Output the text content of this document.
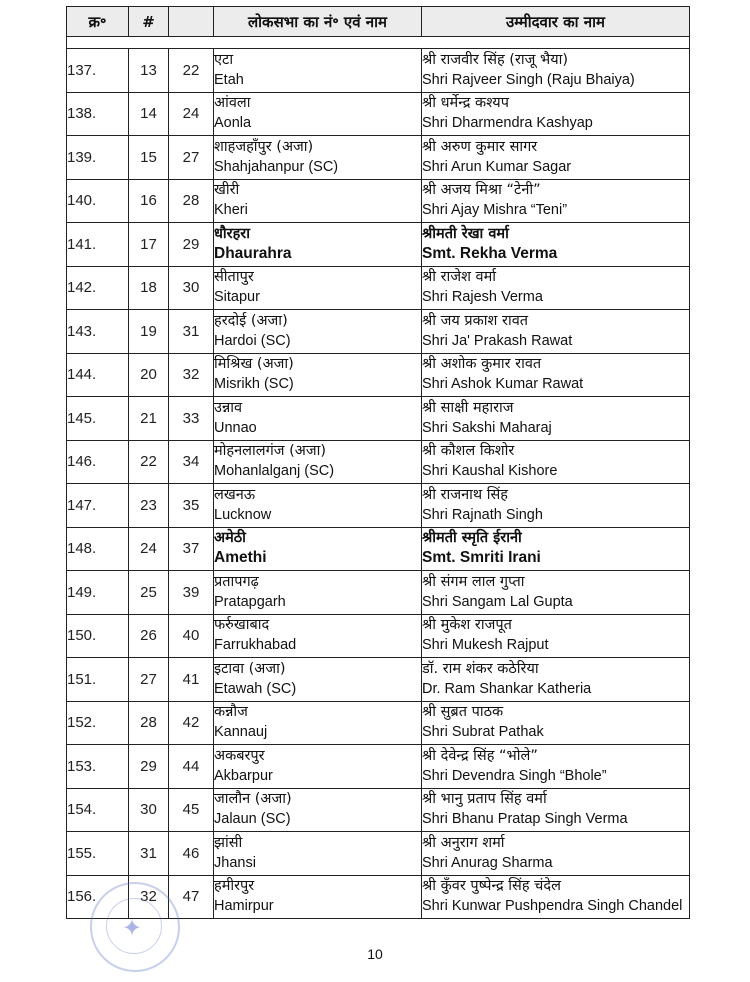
क्र॰	#		लोकसभा का नं॰ एवं नाम	उम्मीदवार का नाम

137.	13	22	एटा
Etah	श्री राजवीर सिंह (राजू भैया)
Shri Rajveer Singh (Raju Bhaiya)

138.	14	24	आंवला
Aonla	श्री धर्मेन्द्र कश्यप
Shri Dharmendra Kashyap

139.	15	27	शाहजहाँपुर (अजा)
Shahjahanpur (SC)	श्री अरुण कुमार सागर
Shri Arun Kumar Sagar

140.	16	28	खीरी
Kheri	श्री अजय मिश्रा “टेनी”
Shri Ajay Mishra “Teni”

141.	17	29	धौरहरा
Dhaurahra	श्रीमती रेखा वर्मा
Smt. Rekha Verma

142.	18	30	सीतापुर
Sitapur	श्री राजेश वर्मा
Shri Rajesh Verma

143.	19	31	हरदोई (अजा)
Hardoi (SC)	श्री जय प्रकाश रावत
Shri Ja' Prakash Rawat

144.	20	32	मिश्रिख (अजा)
Misrikh (SC)	श्री अशोक कुमार रावत
Shri Ashok Kumar Rawat

145.	21	33	उन्नाव
Unnao	श्री साक्षी महाराज
Shri Sakshi Maharaj

146.	22	34	मोहनलालगंज (अजा)
Mohanlalganj (SC)	श्री कौशल किशोर
Shri Kaushal Kishore

147.	23	35	लखनऊ
Lucknow	श्री राजनाथ सिंह
Shri Rajnath Singh

148.	24	37	अमेठी
Amethi	श्रीमती स्मृति ईरानी
Smt. Smriti Irani

149.	25	39	प्रतापगढ़
Pratapgarh	श्री संगम लाल गुप्ता
Shri Sangam Lal Gupta

150.	26	40	फर्रुखाबाद
Farrukhabad	श्री मुकेश राजपूत
Shri Mukesh Rajput

151.	27	41	इटावा (अजा)
Etawah (SC)	डॉ. राम शंकर कठेरिया
Dr. Ram Shankar Katheria

152.	28	42	कन्नौज
Kannauj	श्री सुब्रत पाठक
Shri Subrat Pathak

153.	29	44	अकबरपुर
Akbarpur	श्री देवेन्द्र सिंह “भोले”
Shri Devendra Singh “Bhole”

154.	30	45	जालौन (अजा)
Jalaun (SC)	श्री भानु प्रताप सिंह वर्मा
Shri Bhanu Pratap Singh Verma

155.	31	46	झांसी
Jhansi	श्री अनुराग शर्मा
Shri Anurag Sharma

156.	32	47	हमीरपुर
Hamirpur	श्री कुँवर पुष्पेन्द्र सिंह चंदेल
Shri Kunwar Pushpendra Singh Chandel
✦
10
